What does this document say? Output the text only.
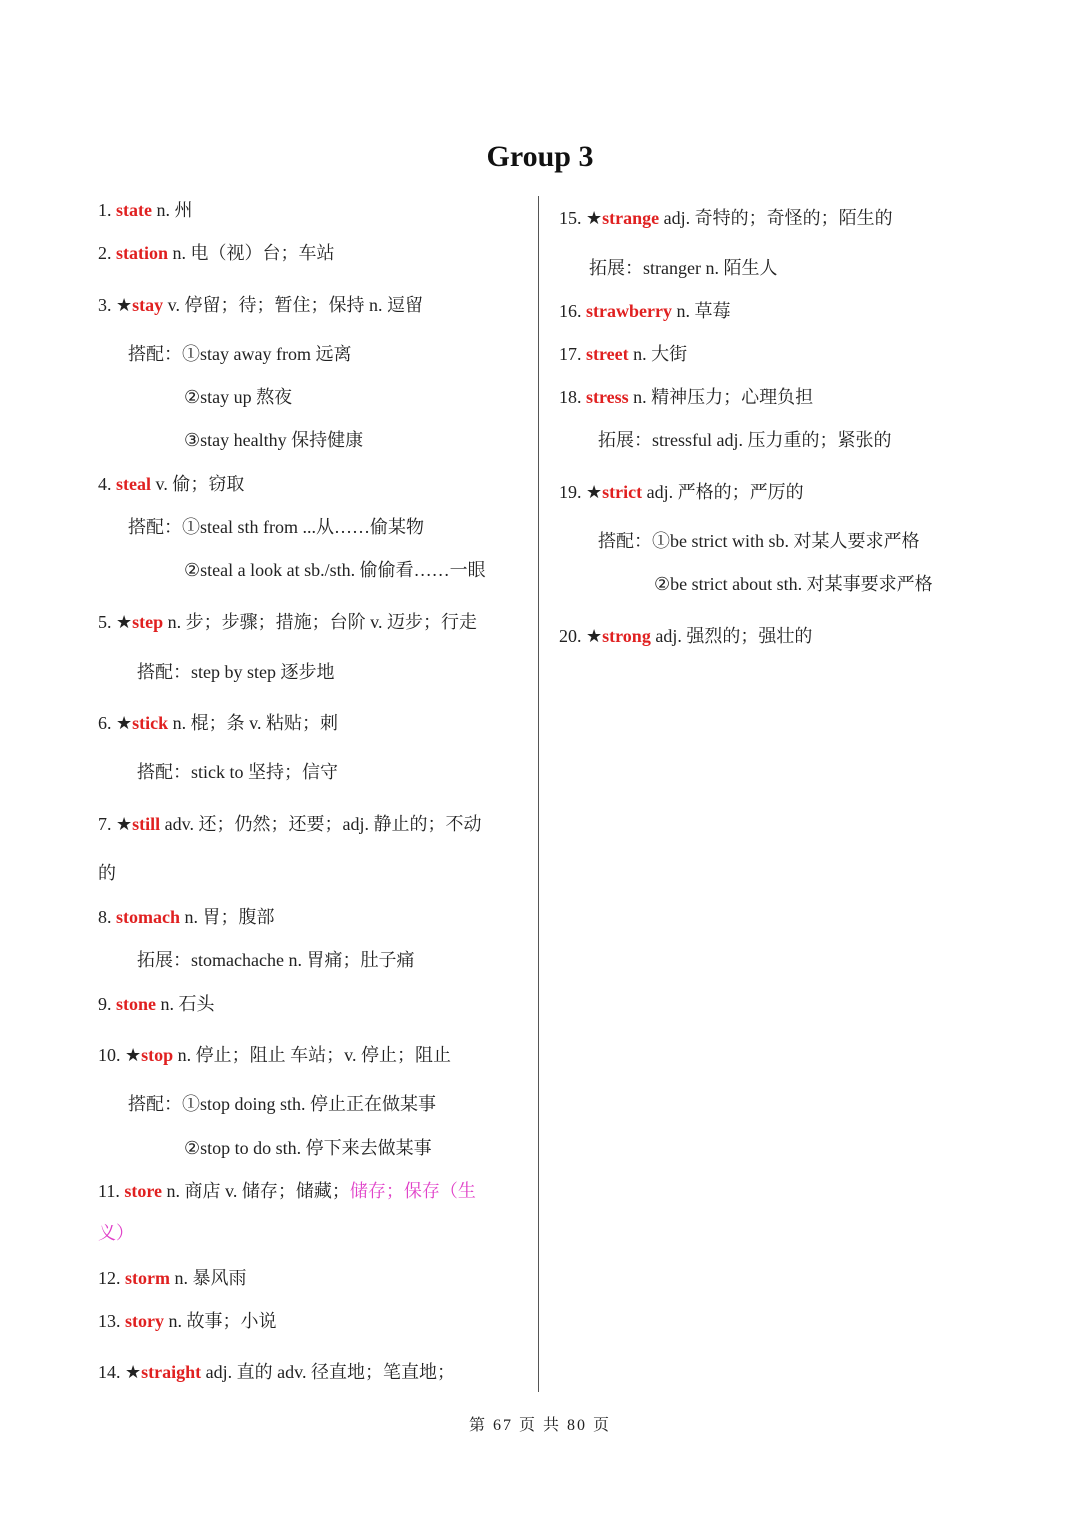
Group 3
1. state n. 州
2. station n. 电（视）台；车站
3. ★stay v. 停留；待；暂住；保持 n. 逗留
搭配：①stay away from 远离
②stay up 熬夜
③stay healthy 保持健康
4. steal v. 偷；窃取
搭配：①steal sth from ...从……偷某物
②steal a look at sb./sth. 偷偷看……一眼
5. ★step n. 步；步骤；措施；台阶 v. 迈步；行走
搭配：step by step 逐步地
6. ★stick n. 棍；条 v. 粘贴；刺
搭配：stick to 坚持；信守
7. ★still adv. 还；仍然；还要；adj. 静止的；不动
的
8. stomach n. 胃；腹部
拓展：stomachache n. 胃痛；肚子痛
9. stone n. 石头
10. ★stop n. 停止；阻止 车站；v. 停止；阻止
搭配：①stop doing sth. 停止正在做某事
②stop to do sth. 停下来去做某事
11. store n. 商店 v. 储存；储藏；储存；保存（生
义）
12. storm n. 暴风雨
13. story n. 故事；小说
14. ★straight adj. 直的 adv. 径直地；笔直地；
15. ★strange adj. 奇特的；奇怪的；陌生的
拓展：stranger n. 陌生人
16. strawberry n. 草莓
17. street n. 大街
18. stress n. 精神压力；心理负担
拓展：stressful adj. 压力重的；紧张的
19. ★strict adj. 严格的；严厉的
搭配：①be strict with sb. 对某人要求严格
②be strict about sth. 对某事要求严格
20. ★strong adj. 强烈的；强壮的
第 67 页 共 80 页
